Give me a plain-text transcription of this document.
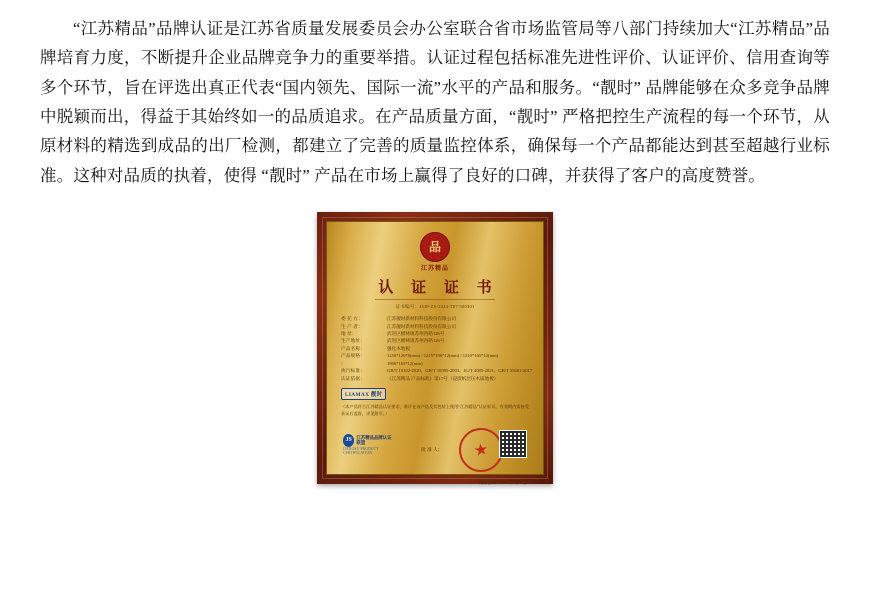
“江苏精品”品牌认证是江苏省质量发展委员会办公室联合省市场监管局等八部门持续加大“江苏精品”品牌培育力度，不断提升企业品牌竞争力的重要举措。认证过程包括标准先进性评价、认证评价、信用查询等多个环节，旨在评选出真正代表“国内领先、国际一流”水平的产品和服务。“靓时” 品牌能够在众多竞争品牌中脱颖而出，得益于其始终如一的品质追求。在产品质量方面，“靓时” 严格把控生产流程的每一个环节，从原材料的精选到成品的出厂检测，都建立了完善的质量监控体系，确保每一个产品都能达到甚至超越行业标准。这种对品质的执着，使得 “靓时” 产品在市场上赢得了良好的口碑，并获得了客户的高度赞誉。

品
江苏精品
认 证 证 书
证书编号：JSJP-ZS-2024-T07-500301
委 托 方：	江苏靓时新材料科技股份有限公司
生 产 者：	江苏靓时新材料科技股份有限公司
地 址：	武进区横林镇苏州西路126号
生产地址：	武进区横林镇苏州西路126号
产品名称：	强化木地板
产品规格：	1250*126*8(mm) / 1215*196*12(mm) / 1210*165*12(mm)
：	1806*165*12(mm)
执行标准：	GB/T 18102-2020、GB/T 18995-2003、JG/T 4085-2021、GB/T 35601-2017
认证依据：	《江苏精品 产品标准》第17号（浸渍纸层压木质地板）
LIAMAX 靓时
（本产品符合江苏精品认证要求，准许在该产品及其包装上使用“江苏精品”认证标识。有效期内需接受获证后监督，详见附页。）
JS	江苏精品品牌认证联盟
JIANGSU PRODUCT CERTIFICATION	批 准 人：	★
发证日期：2024年5月20日
